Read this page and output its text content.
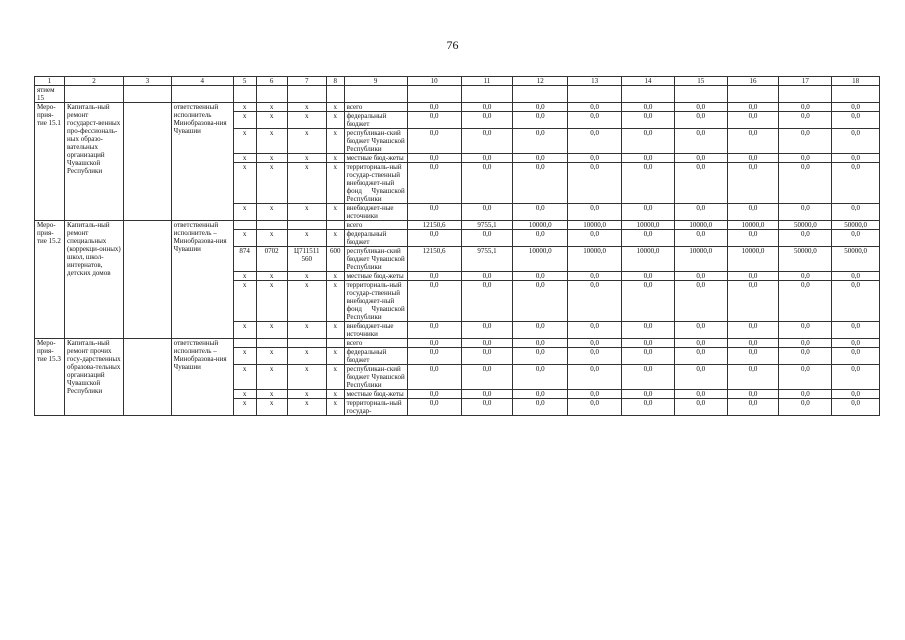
76
1	2	3	4	5	6	7	8	9	10	11	12	13	14	15	16	17	18
ятием 15																	
Меро-прия-тие 15.1	Капиталь-ный ремонт государст-венных про-фессиональ-ных образо-вательных организаций Чувашской Республики		ответственный исполнитель Минобразова-ния Чувашии	x	x	x	x	всего	0,0	0,0	0,0	0,0	0,0	0,0	0,0	0,0	0,0
				x	x	x	x	федеральный бюджет	0,0	0,0	0,0	0,0	0,0	0,0	0,0	0,0	0,0
				x	x	x	x	республикан-ский бюджет Чувашской Республики	0,0	0,0	0,0	0,0	0,0	0,0	0,0	0,0	0,0
				x	x	x	x	местные бюд-жеты	0,0	0,0	0,0	0,0	0,0	0,0	0,0	0,0	0,0
				x	x	x	x	территориаль-ный государ-ственный внебюджет-ный фонд Чувашской Республики	0,0	0,0	0,0	0,0	0,0	0,0	0,0	0,0	0,0
				x	x	x	x	внебюджет-ные источники	0,0	0,0	0,0	0,0	0,0	0,0	0,0	0,0	0,0
Меро-прия-тие 15.2	Капиталь-ный ремонт специальных (коррекци-онных) школ, школ-интернатов, детских домов		ответственный исполнитель – Минобразова-ния Чувашии					всего	12150,6	9755,1	10000,0	10000,0	10000,0	10000,0	10000,0	50000,0	50000,0
				x	x	x	x	федеральный бюджет	0,0	0,0	0,0	0,0	0,0	0,0	0,0	0,0	0,0
				874	0702	Ц711511 560	600	республикан-ский бюджет Чувашской Республики	12150,6	9755,1	10000,0	10000,0	10000,0	10000,0	10000,0	50000,0	50000,0
				x	x	x	x	местные бюд-жеты	0,0	0,0	0,0	0,0	0,0	0,0	0,0	0,0	0,0
				x	x	x	x	территориаль-ный государ-ственный внебюджет-ный фонд Чувашской Республики	0,0	0,0	0,0	0,0	0,0	0,0	0,0	0,0	0,0
				x	x	x	x	внебюджет-ные источники	0,0	0,0	0,0	0,0	0,0	0,0	0,0	0,0	0,0
Меро-прия-тие 15.3	Капиталь-ный ремонт прочих госу-дарственных образова-тельных организаций Чувашской Республики		ответственный исполнитель – Минобразова-ния Чувашии					всего	0,0	0,0	0,0	0,0	0,0	0,0	0,0	0,0	0,0
				x	x	x	x	федеральный бюджет	0,0	0,0	0,0	0,0	0,0	0,0	0,0	0,0	0,0
				x	x	x	x	республикан-ский бюджет Чувашской Республики	0,0	0,0	0,0	0,0	0,0	0,0	0,0	0,0	0,0
				x	x	x	x	местные бюд-жеты	0,0	0,0	0,0	0,0	0,0	0,0	0,0	0,0	0,0
				x	x	x	x	территориаль-ный государ-	0,0	0,0	0,0	0,0	0,0	0,0	0,0	0,0	0,0
